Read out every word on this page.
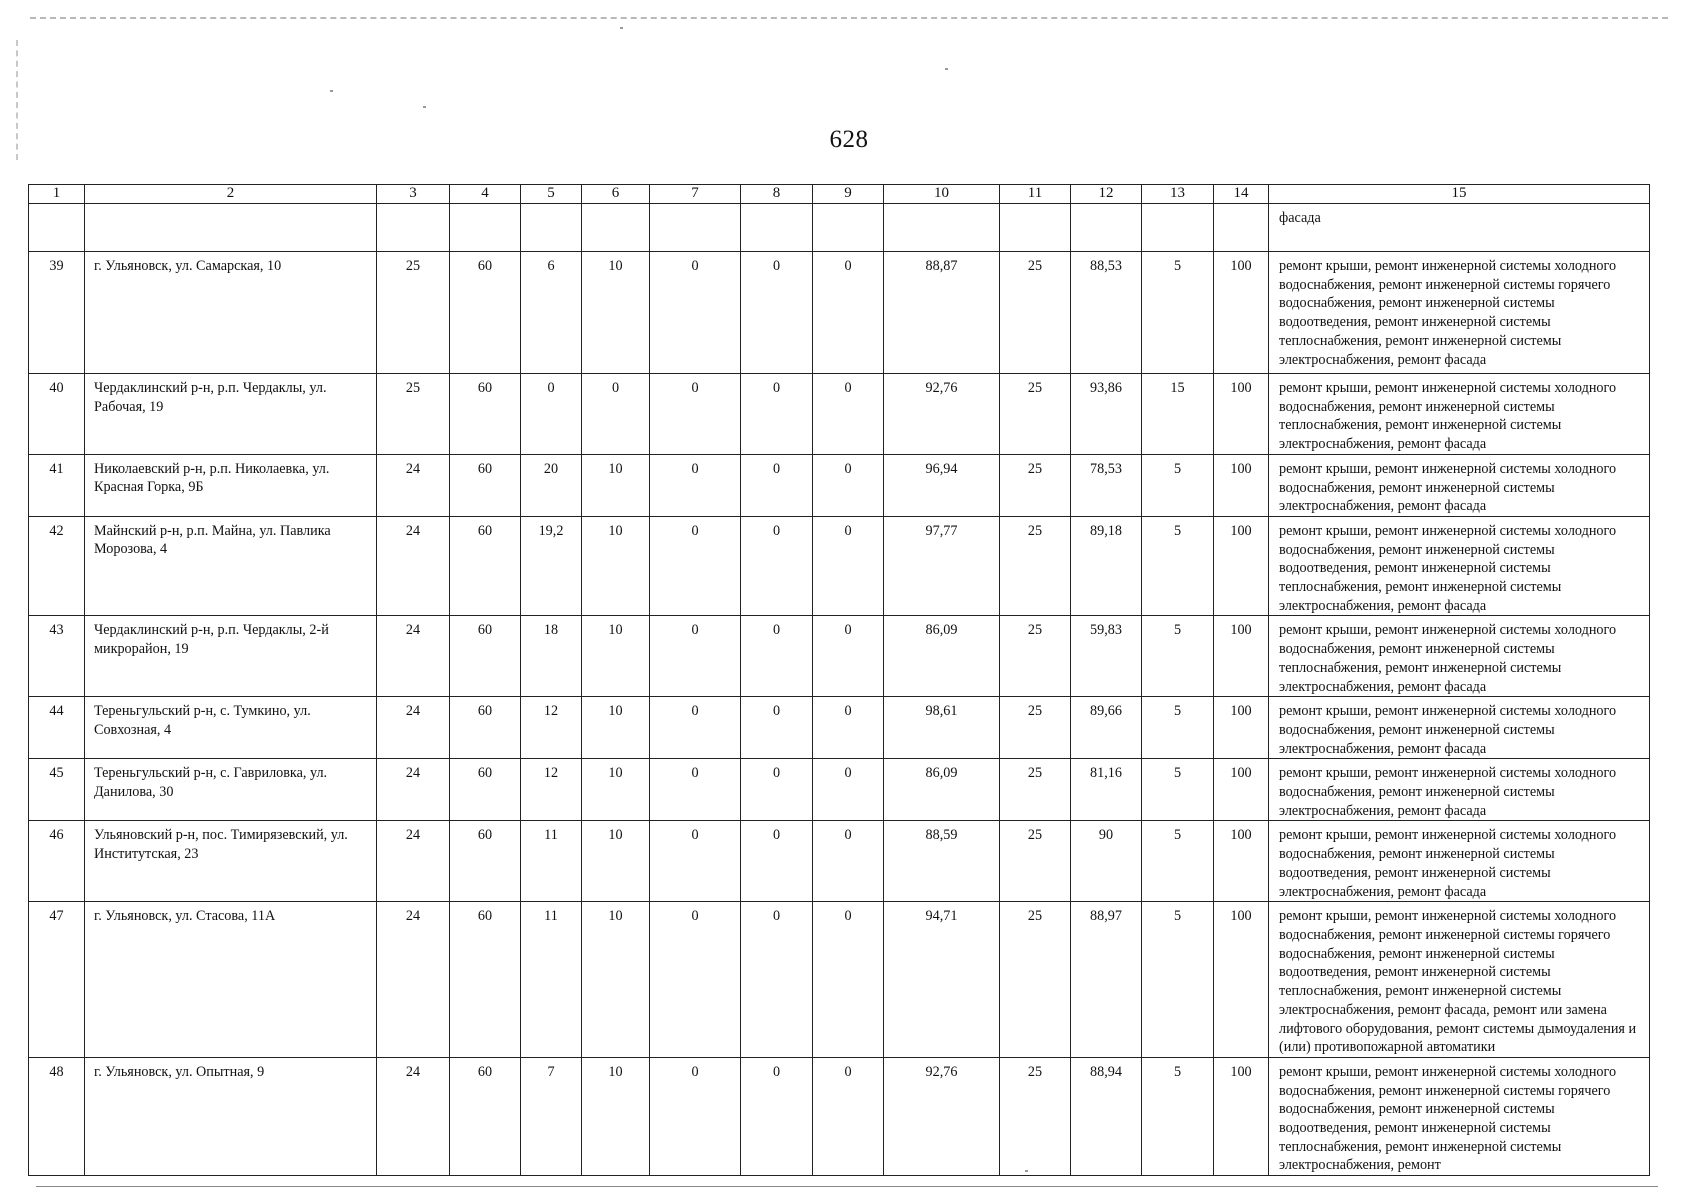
628
1	2	3	4	5	6	7	8	9	10	11	12	13	14	15
														фасада
39	г. Ульяновск, ул. Самарская, 10	25	60	6	10	0	0	0	88,87	25	88,53	5	100	ремонт крыши, ремонт инженерной системы холодного водоснабжения, ремонт инженерной системы горячего водоснабжения, ремонт инженерной системы водоотведения, ремонт инженерной системы теплоснабжения, ремонт инженерной системы электроснабжения, ремонт фасада
40	Чердаклинский р-н, р.п. Чердаклы, ул. Рабочая, 19	25	60	0	0	0	0	0	92,76	25	93,86	15	100	ремонт крыши, ремонт инженерной системы холодного водоснабжения, ремонт инженерной системы теплоснабжения, ремонт инженерной системы электроснабжения, ремонт фасада
41	Николаевский р-н, р.п. Николаевка, ул. Красная Горка, 9Б	24	60	20	10	0	0	0	96,94	25	78,53	5	100	ремонт крыши, ремонт инженерной системы холодного водоснабжения, ремонт инженерной системы электроснабжения, ремонт фасада
42	Майнский р-н, р.п. Майна, ул. Павлика Морозова, 4	24	60	19,2	10	0	0	0	97,77	25	89,18	5	100	ремонт крыши, ремонт инженерной системы холодного водоснабжения, ремонт инженерной системы водоотведения, ремонт инженерной системы теплоснабжения, ремонт инженерной системы электроснабжения, ремонт фасада
43	Чердаклинский р-н, р.п. Чердаклы, 2-й микрорайон, 19	24	60	18	10	0	0	0	86,09	25	59,83	5	100	ремонт крыши, ремонт инженерной системы холодного водоснабжения, ремонт инженерной системы теплоснабжения, ремонт инженерной системы электроснабжения, ремонт фасада
44	Тереньгульский р-н, с. Тумкино, ул. Совхозная, 4	24	60	12	10	0	0	0	98,61	25	89,66	5	100	ремонт крыши, ремонт инженерной системы холодного водоснабжения, ремонт инженерной системы электроснабжения, ремонт фасада
45	Тереньгульский р-н, с. Гавриловка, ул. Данилова, 30	24	60	12	10	0	0	0	86,09	25	81,16	5	100	ремонт крыши, ремонт инженерной системы холодного водоснабжения, ремонт инженерной системы электроснабжения, ремонт фасада
46	Ульяновский р-н, пос. Тимирязевский, ул. Институтская, 23	24	60	11	10	0	0	0	88,59	25	90	5	100	ремонт крыши, ремонт инженерной системы холодного водоснабжения, ремонт инженерной системы водоотведения, ремонт инженерной системы электроснабжения, ремонт фасада
47	г. Ульяновск, ул. Стасова, 11А	24	60	11	10	0	0	0	94,71	25	88,97	5	100	ремонт крыши, ремонт инженерной системы холодного водоснабжения, ремонт инженерной системы горячего водоснабжения, ремонт инженерной системы водоотведения, ремонт инженерной системы теплоснабжения, ремонт инженерной системы электроснабжения, ремонт фасада, ремонт или замена лифтового оборудования, ремонт системы дымоудаления и (или) противопожарной автоматики
48	г. Ульяновск, ул. Опытная, 9	24	60	7	10	0	0	0	92,76	25	88,94	5	100	ремонт крыши, ремонт инженерной системы холодного водоснабжения, ремонт инженерной системы горячего водоснабжения, ремонт инженерной системы водоотведения, ремонт инженерной системы теплоснабжения, ремонт инженерной системы электроснабжения, ремонт
